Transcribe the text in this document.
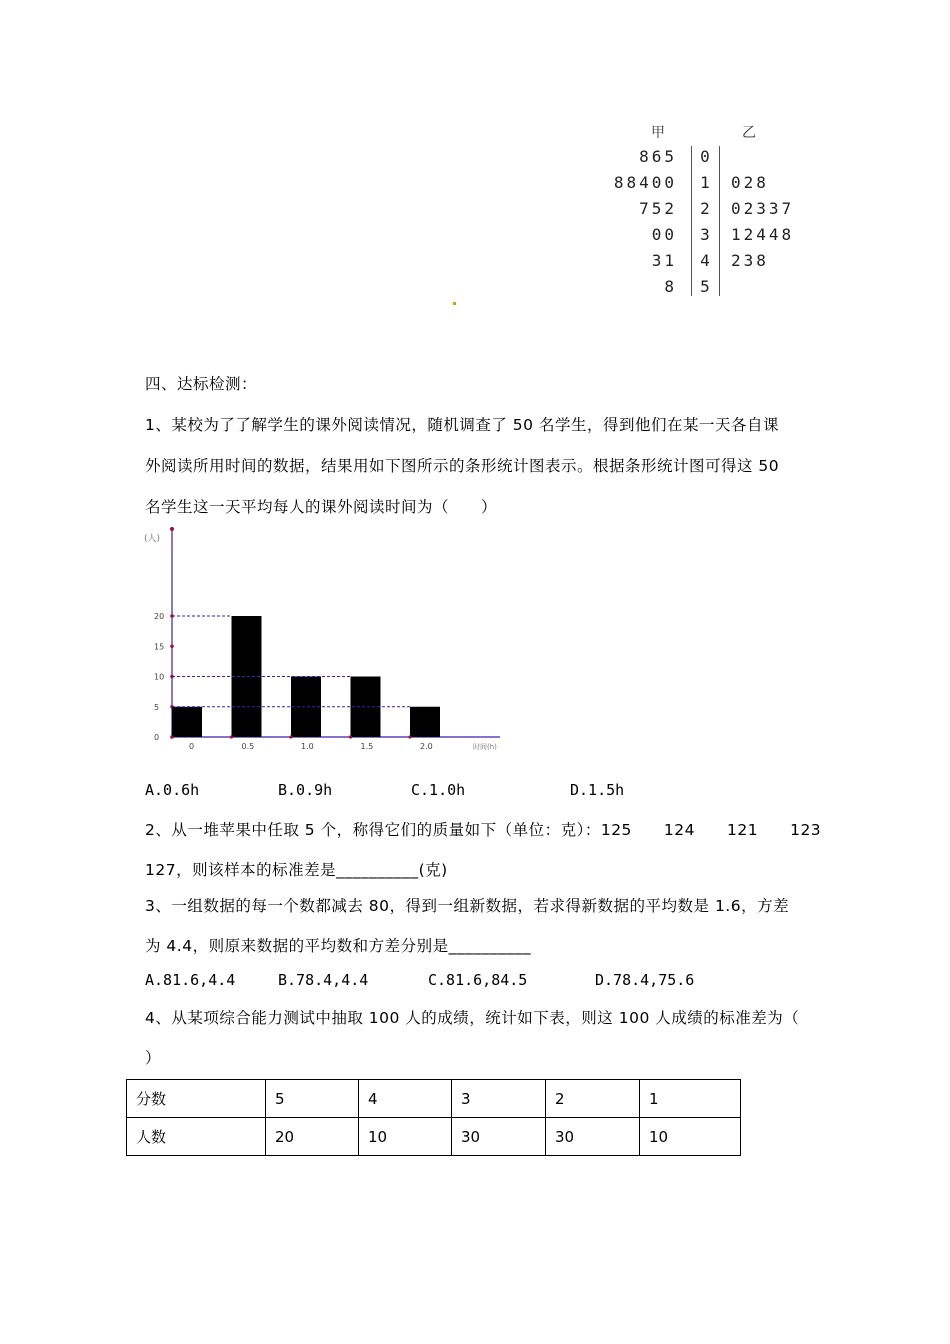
甲	乙
865	0
88400	1	028
752	2	02337
00	3	12448
31	4	238
8	5
四、达标检测：
1、某校为了了解学生的课外阅读情况，随机调查了 50 名学生，得到他们在某一天各自课
外阅读所用时间的数据，结果用如下图所示的条形统计图表示。根据条形统计图可得这 50
名学生这一天平均每人的课外阅读时间为（　　）
(人)
0
5
10
15
20
0	0.5	1.0	1.5	2.0	时间(h)
A.0.6h	B.0.9h	C.1.0h	D.1.5h
2、从一堆苹果中任取 5 个，称得它们的质量如下（单位：克）：125　　124　　121　　123
127，则该样本的标准差是__________(克)
3、一组数据的每一个数都减去 80，得到一组新数据，若求得新数据的平均数是 1.6，方差
为 4.4，则原来数据的平均数和方差分别是__________
A.81.6,4.4	B.78.4,4.4	C.81.6,84.5	D.78.4,75.6
4、从某项综合能力测试中抽取 100 人的成绩，统计如下表，则这 100 人成绩的标准差为（
）
分数	5	4	3	2	1
人数	20	10	30	30	10
